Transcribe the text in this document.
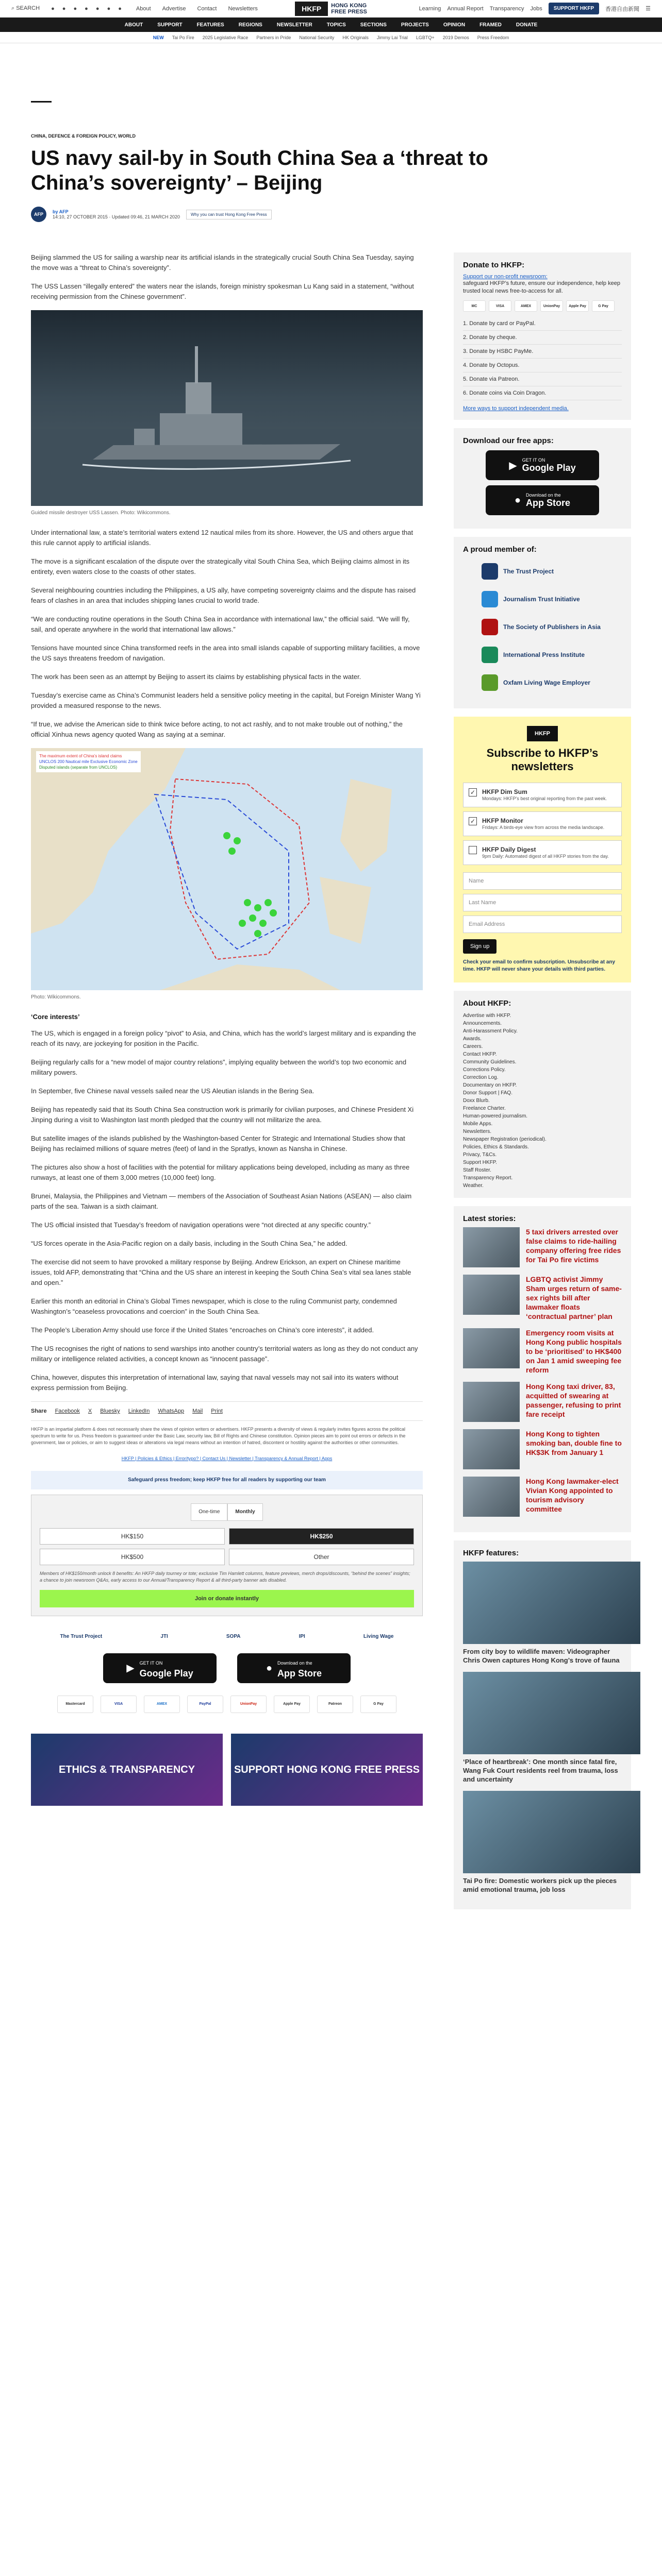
⌕ SEARCH ● ● ● ● ● ● ● About Advertise Contact Newsletters	HKFP	HONG KONG
FREE PRESS	Learning Annual Report Transparency Jobs	SUPPORT HKFP	香港自由新聞 ☰
ABOUT	SUPPORT	FEATURES	REGIONS	NEWSLETTER	TOPICS	SECTIONS	PROJECTS	OPINION	FRAMED	DONATE
NEW Tai Po Fire 2025 Legislative Race Partners in Pride National Security HK Originals Jimmy Lai Trial LGBTQ+ 2019 Demos Press Freedom
CHINA, DEFENCE & FOREIGN POLICY, WORLD
US navy sail-by in South China Sea a ‘threat to China’s sovereignty’ – Beijing
AFP	by AFP
14:10, 27 OCTOBER 2015 · Updated 09:46, 21 MARCH 2020	Why you can trust Hong Kong Free Press

Beijing slammed the US for sailing a warship near its artificial islands in the strategically crucial South China Sea Tuesday, saying the move was a “threat to China’s sovereignty”.

The USS Lassen “illegally entered” the waters near the islands, foreign ministry spokesman Lu Kang said in a statement, “without receiving permission from the Chinese government”.

Guided missile destroyer USS Lassen. Photo: Wikicommons.

Under international law, a state’s territorial waters extend 12 nautical miles from its shore. However, the US and others argue that this rule cannot apply to artificial islands.

The move is a significant escalation of the dispute over the strategically vital South China Sea, which Beijing claims almost in its entirety, even waters close to the coasts of other states.

Several neighbouring countries including the Philippines, a US ally, have competing sovereignty claims and the dispute has raised fears of clashes in an area that includes shipping lanes crucial to world trade.

“We are conducting routine operations in the South China Sea in accordance with international law,” the official said. “We will fly, sail, and operate anywhere in the world that international law allows.”

Tensions have mounted since China transformed reefs in the area into small islands capable of supporting military facilities, a move the US says threatens freedom of navigation.

The work has been seen as an attempt by Beijing to assert its claims by establishing physical facts in the water.

Tuesday’s exercise came as China’s Communist leaders held a sensitive policy meeting in the capital, but Foreign Minister Wang Yi provided a measured response to the news.

“If true, we advise the American side to think twice before acting, to not act rashly, and to not make trouble out of nothing,” the official Xinhua news agency quoted Wang as saying at a seminar.

The maximum extent of China’s island claims
UNCLOS 200 Nautical mile Exclusive Economic Zone
Disputed islands (separate from UNCLOS)
Photo: Wikicommons.
‘Core interests’

The US, which is engaged in a foreign policy “pivot” to Asia, and China, which has the world’s largest military and is expanding the reach of its navy, are jockeying for position in the Pacific.

Beijing regularly calls for a “new model of major country relations”, implying equality between the world’s top two economic and military powers.

In September, five Chinese naval vessels sailed near the US Aleutian islands in the Bering Sea.

Beijing has repeatedly said that its South China Sea construction work is primarily for civilian purposes, and Chinese President Xi Jinping during a visit to Washington last month pledged that the country will not militarize the area.

But satellite images of the islands published by the Washington-based Center for Strategic and International Studies show that Beijing has reclaimed millions of square metres (feet) of land in the Spratlys, known as Nansha in Chinese.

The pictures also show a host of facilities with the potential for military applications being developed, including as many as three runways, at least one of them 3,000 metres (10,000 feet) long.

Brunei, Malaysia, the Philippines and Vietnam — members of the Association of Southeast Asian Nations (ASEAN) — also claim parts of the sea. Taiwan is a sixth claimant.

The US official insisted that Tuesday’s freedom of navigation operations were “not directed at any specific country.”

“US forces operate in the Asia-Pacific region on a daily basis, including in the South China Sea,” he added.

The exercise did not seem to have provoked a military response by Beijing. Andrew Erickson, an expert on Chinese maritime issues, told AFP, demonstrating that “China and the US share an interest in keeping the South China Sea’s vital sea lanes stable and open.”

Earlier this month an editorial in China’s Global Times newspaper, which is close to the ruling Communist party, condemned Washington’s “ceaseless provocations and coercion” in the South China Sea.

The People’s Liberation Army should use force if the United States “encroaches on China’s core interests”, it added.

The US recognises the right of nations to send warships into another country’s territorial waters as long as they do not conduct any military or intelligence related activities, a concept known as “innocent passage”.

China, however, disputes this interpretation of international law, saying that naval vessels may not sail into its waters without express permission from Beijing.

Share Facebook X Bluesky LinkedIn WhatsApp Mail Print
HKFP is an impartial platform & does not necessarily share the views of opinion writers or advertisers. HKFP presents a diversity of views & regularly invites figures across the political spectrum to write for us. Press freedom is guaranteed under the Basic Law, security law, Bill of Rights and Chinese constitution. Opinion pieces aim to point out errors or defects in the government, law or policies, or aim to suggest ideas or alterations via legal means without an intention of hatred, discontent or hostility against the authorities or other communities.
HKFP | Policies & Ethics | Error/typo? | Contact Us | Newsletter | Transparency & Annual Report | Apps
Safeguard press freedom; keep HKFP free for all readers by supporting our team
One-time	Monthly
HK$150	HK$250
HK$500	Other
Members of HK$150/month unlock 8 benefits: An HKFP daily tourney or tote; exclusive Tim Hamlett columns, feature previews, merch drops/discounts, “behind the scenes” insights; a chance to join newsroom Q&As, early access to our Annual/Transparency Report & all third-party banner ads disabled.
Join or donate instantly
The Trust Project	JTI	SOPA	IPI	Living Wage
▶ GET IT ON
Google Play	● Download on the
App Store
Mastercard	VISA	AMEX	PayPal	UnionPay	Apple Pay	Patreon	G Pay
ETHICS & TRANSPARENCY	SUPPORT HONG KONG FREE PRESS
Donate to HKFP:
Support our non-profit newsroom:
safeguard HKFP’s future, ensure our independence, help keep trusted local news free-to-access for all.
MC	VISA	AMEX	UnionPay	Apple Pay	G Pay
1. Donate by card or PayPal.
2. Donate by cheque.
3. Donate by HSBC PayMe.
4. Donate by Octopus.
5. Donate via Patreon.
6. Donate coins via Coin Dragon.
More ways to support independent media.
Download our free apps:
▶ GET IT ON
Google Play
● Download on the
App Store
A proud member of:
The Trust Project
Journalism Trust Initiative
The Society of Publishers in Asia
International Press Institute
Oxfam Living Wage Employer
HKFP
Subscribe to HKFP’s newsletters
✓ HKFP Dim Sum
Mondays: HKFP’s best original reporting from the past week.
✓ HKFP Monitor
Fridays: A birds-eye view from across the media landscape.
HKFP Daily Digest
9pm Daily: Automated digest of all HKFP stories from the day.
Name
Last Name
Email Address
Sign up
Check your email to confirm subscription. Unsubscribe at any time. HKFP will never share your details with third parties.
About HKFP:
Advertise with HKFP.
Announcements.
Anti-Harassment Policy.
Awards.
Careers.
Contact HKFP.
Community Guidelines.
Corrections Policy.
Correction Log.
Documentary on HKFP.
Donor Support | FAQ.
Doxx Blurb.
Freelance Charter.
Human-powered journalism.
Mobile Apps.
Newsletters.
Newspaper Registration (periodical).
Policies, Ethics & Standards.
Privacy, T&Cs.
Support HKFP.
Staff Roster.
Transparency Report.
Weather.
Latest stories:
5 taxi drivers arrested over false claims to ride-hailing company offering free rides for Tai Po fire victims
LGBTQ activist Jimmy Sham urges return of same-sex rights bill after lawmaker floats ‘contractual partner’ plan
Emergency room visits at Hong Kong public hospitals to be ‘prioritised’ to HK$400 on Jan 1 amid sweeping fee reform
Hong Kong taxi driver, 83, acquitted of swearing at passenger, refusing to print fare receipt
Hong Kong to tighten smoking ban, double fine to HK$3K from January 1
Hong Kong lawmaker-elect Vivian Kong appointed to tourism advisory committee
HKFP features:
From city boy to wildlife maven: Videographer Chris Owen captures Hong Kong’s trove of fauna
‘Place of heartbreak’: One month since fatal fire, Wang Fuk Court residents reel from trauma, loss and uncertainty
Tai Po fire: Domestic workers pick up the pieces amid emotional trauma, job loss
